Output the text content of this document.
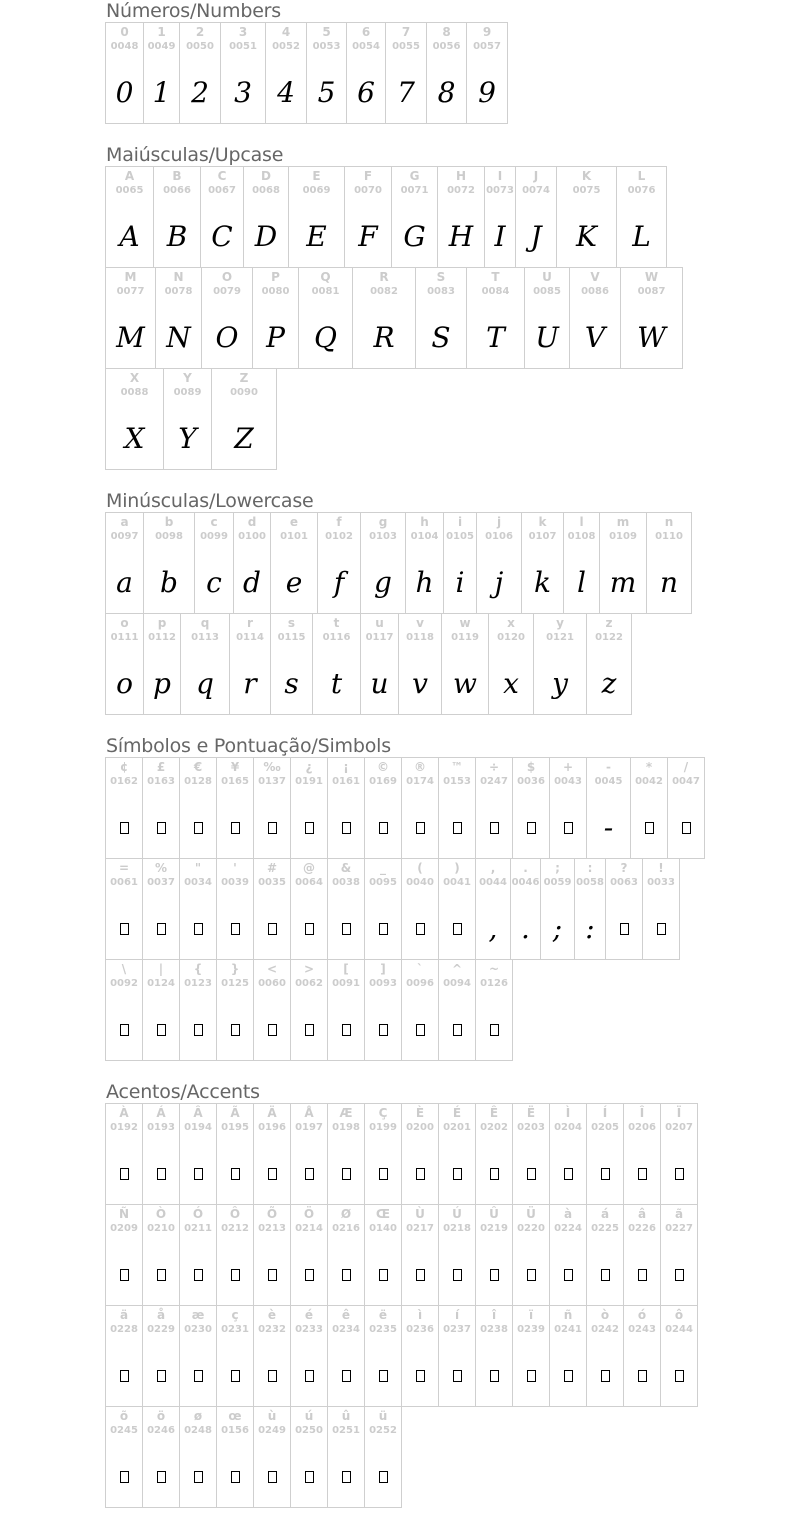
Números/Numbers
0
0048
0
1
0049
1
2
0050
2
3
0051
3
4
0052
4
5
0053
5
6
0054
6
7
0055
7
8
0056
8
9
0057
9
Maiúsculas/Upcase
A
0065
A
B
0066
B
C
0067
C
D
0068
D
E
0069
E
F
0070
F
G
0071
G
H
0072
H
I
0073
I
J
0074
J
K
0075
K
L
0076
L
M
0077
M
N
0078
N
O
0079
O
P
0080
P
Q
0081
Q
R
0082
R
S
0083
S
T
0084
T
U
0085
U
V
0086
V
W
0087
W
X
0088
X
Y
0089
Y
Z
0090
Z
Minúsculas/Lowercase
a
0097
a
b
0098
b
c
0099
c
d
0100
d
e
0101
e
f
0102
f
g
0103
g
h
0104
h
i
0105
i
j
0106
j
k
0107
k
l
0108
l
m
0109
m
n
0110
n
o
0111
o
p
0112
p
q
0113
q
r
0114
r
s
0115
s
t
0116
t
u
0117
u
v
0118
v
w
0119
w
x
0120
x
y
0121
y
z
0122
z
Símbolos e Pontuação/Simbols
¢
0162
£
0163
€
0128
¥
0165
‰
0137
¿
0191
¡
0161
©
0169
®
0174
™
0153
÷
0247
$
0036
+
0043
-
0045
-
*
0042
/
0047
=
0061
%
0037
"
0034
'
0039
#
0035
@
0064
&
0038
_
0095
(
0040
)
0041
,
0044
,
.
0046
.
;
0059
;
:
0058
:
?
0063
!
0033
\
0092
|
0124
{
0123
}
0125
<
0060
>
0062
[
0091
]
0093
`
0096
^
0094
~
0126
Acentos/Accents
À
0192
Á
0193
Â
0194
Ã
0195
Ä
0196
Å
0197
Æ
0198
Ç
0199
È
0200
É
0201
Ê
0202
Ë
0203
Ì
0204
Í
0205
Î
0206
Ï
0207
Ñ
0209
Ò
0210
Ó
0211
Ô
0212
Õ
0213
Ö
0214
Ø
0216
Œ
0140
Ù
0217
Ú
0218
Û
0219
Ü
0220
à
0224
á
0225
â
0226
ã
0227
ä
0228
å
0229
æ
0230
ç
0231
è
0232
é
0233
ê
0234
ë
0235
ì
0236
í
0237
î
0238
ï
0239
ñ
0241
ò
0242
ó
0243
ô
0244
õ
0245
ö
0246
ø
0248
œ
0156
ù
0249
ú
0250
û
0251
ü
0252
